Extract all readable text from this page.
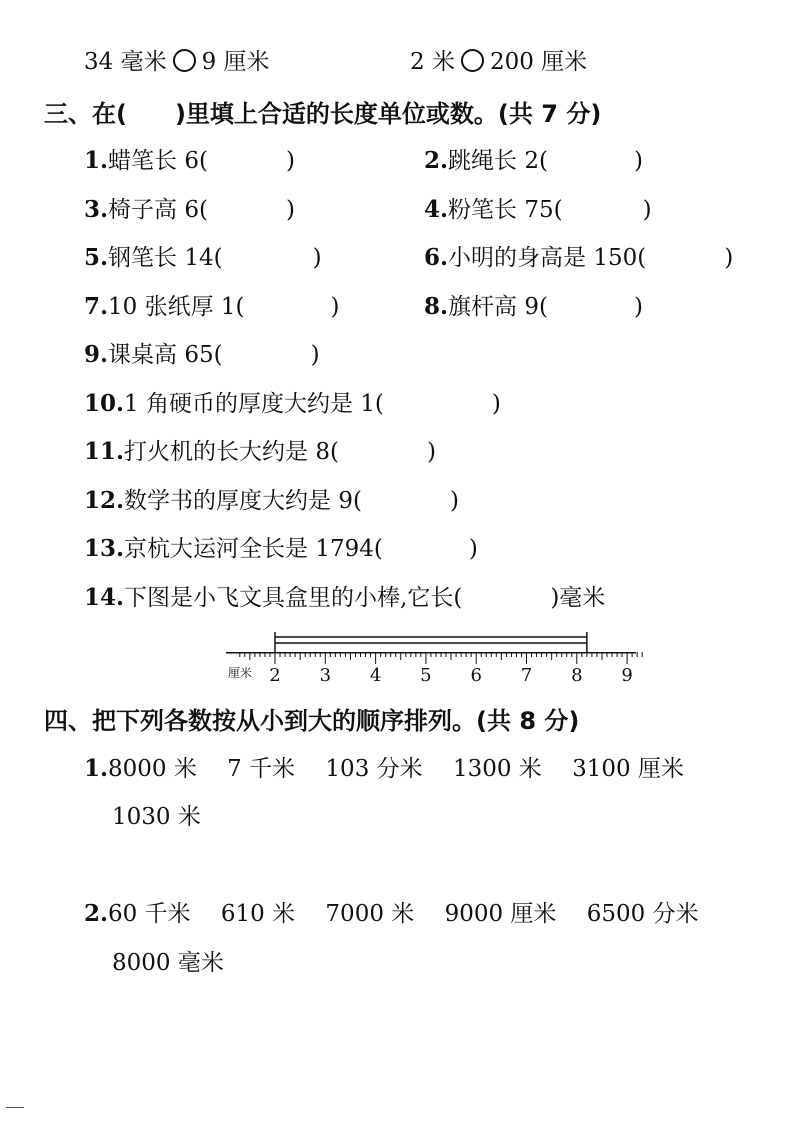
34 毫米 9 厘米	2 米 200 厘米
三、在(　　)里填上合适的长度单位或数。(共 7 分)
1.蜡笔长 6(	)	2.跳绳长 2(	)
3.椅子高 6(	)	4.粉笔长 75(	)
5.钢笔长 14(	)	6.小明的身高是 150(	)
7.10 张纸厚 1(	)	8.旗杆高 9(	)
9.课桌高 65(	)
10.1 角硬币的厚度大约是 1(	)
11.打火机的长大约是 8(	)
12.数学书的厚度大约是 9(	)
13.京杭大运河全长是 1794(	)
14.下图是小飞文具盒里的小棒,它长(	)毫米
2 3 4 5 6 7 8 9
厘米
四、把下列各数按从小到大的顺序排列。(共 8 分)
1.8000 米　 7 千米　 103 分米　 1300 米　 3100 厘米
1030 米
2.60 千米　 610 米　 7000 米　 9000 厘米　 6500 分米
8000 毫米
